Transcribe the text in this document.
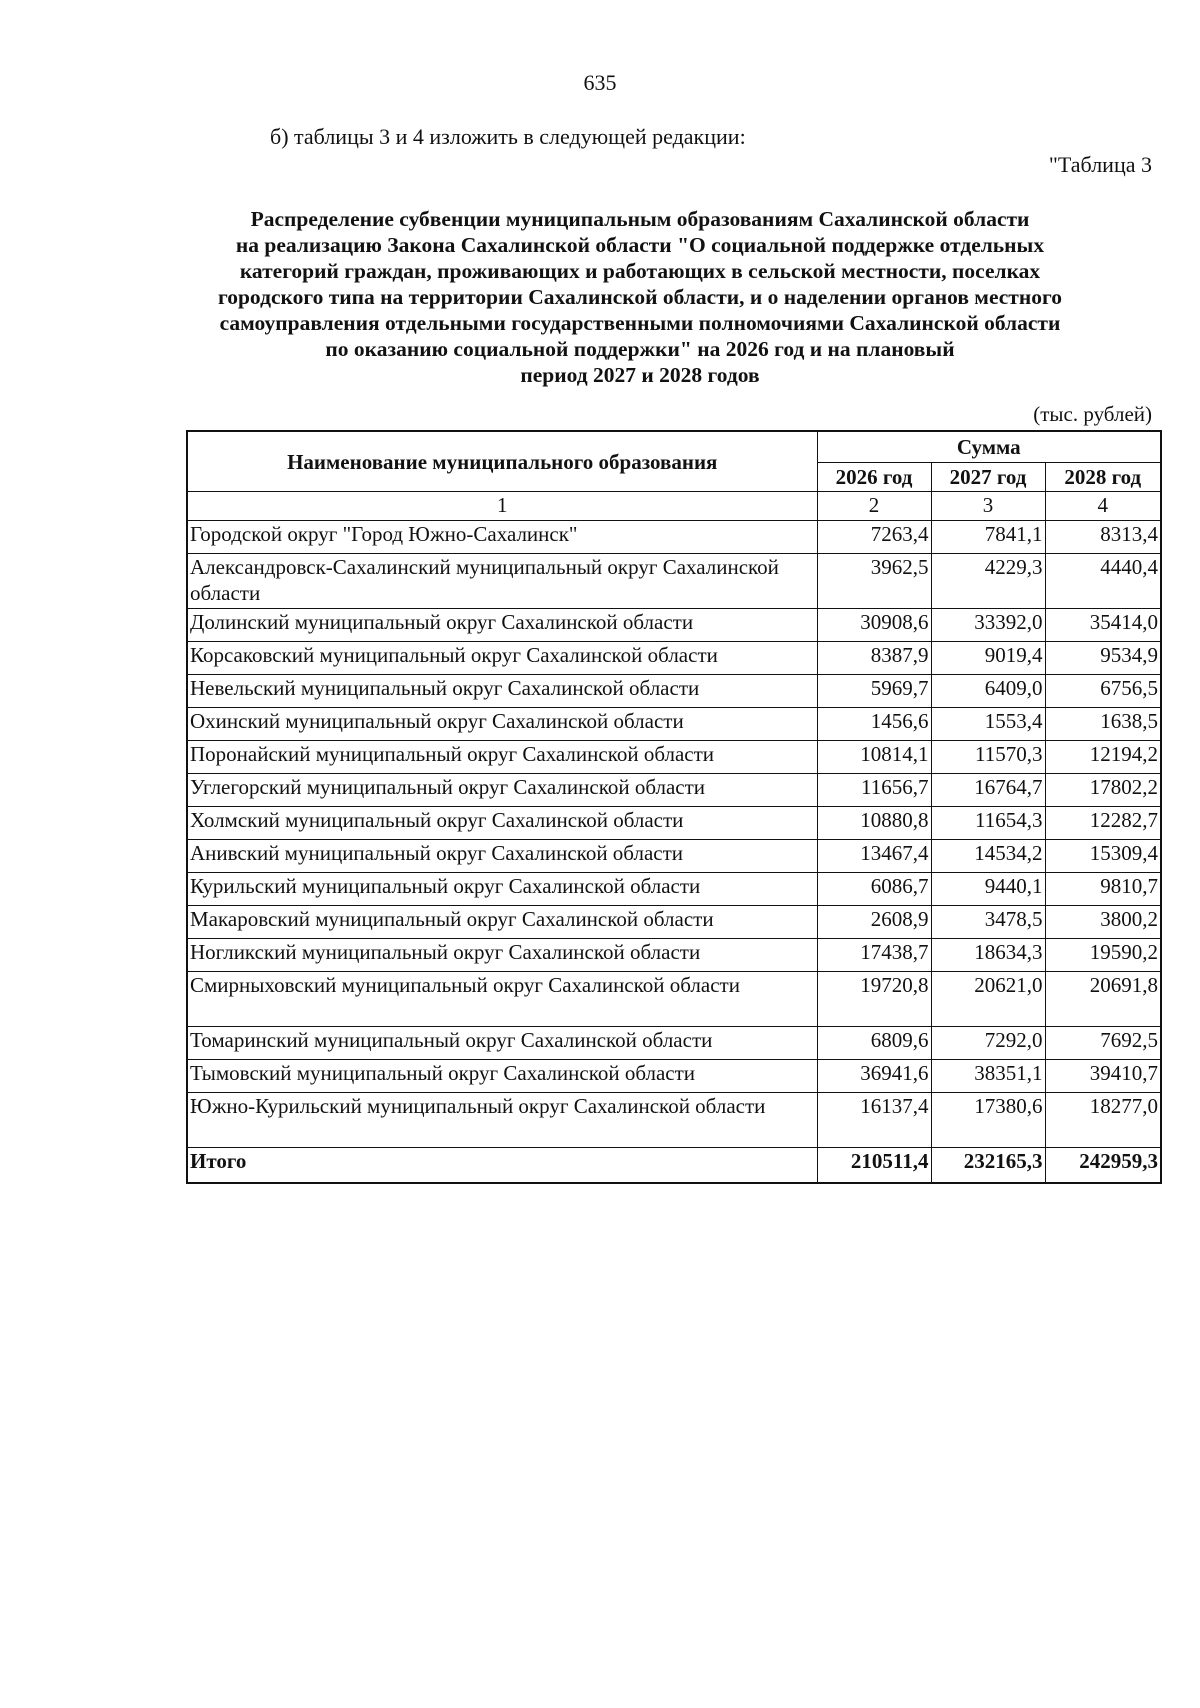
635
б) таблицы 3 и 4 изложить в следующей редакции:
"Таблица 3
Распределение субвенции муниципальным образованиям Сахалинской области
на реализацию Закона Сахалинской области "О социальной поддержке отдельных
категорий граждан, проживающих и работающих в сельской местности, поселках
городского типа на территории Сахалинской области, и о наделении органов местного
самоуправления отдельными государственными полномочиями Сахалинской области
по оказанию социальной поддержки" на 2026 год и на плановый
период 2027 и 2028 годов
(тыс. рублей)
Наименование муниципального образования	Сумма		
	2026 год	2027 год	2028 год
1	2	3	4
Городской округ "Город Южно-Сахалинск"	7263,4	7841,1	8313,4
Александровск-Сахалинский муниципальный округ Сахалинской области	3962,5	4229,3	4440,4
Долинский муниципальный округ Сахалинской области	30908,6	33392,0	35414,0
Корсаковский муниципальный округ Сахалинской области	8387,9	9019,4	9534,9
Невельский муниципальный округ Сахалинской области	5969,7	6409,0	6756,5
Охинский муниципальный округ Сахалинской области	1456,6	1553,4	1638,5
Поронайский муниципальный округ Сахалинской области	10814,1	11570,3	12194,2
Углегорский муниципальный округ Сахалинской области	11656,7	16764,7	17802,2
Холмский муниципальный округ Сахалинской области	10880,8	11654,3	12282,7
Анивский муниципальный округ Сахалинской области	13467,4	14534,2	15309,4
Курильский муниципальный округ Сахалинской области	6086,7	9440,1	9810,7
Макаровский муниципальный округ Сахалинской области	2608,9	3478,5	3800,2
Ногликский муниципальный округ Сахалинской области	17438,7	18634,3	19590,2
Смирныховский муниципальный округ Сахалинской области	19720,8	20621,0	20691,8
Томаринский муниципальный округ Сахалинской области	6809,6	7292,0	7692,5
Тымовский муниципальный округ Сахалинской области	36941,6	38351,1	39410,7
Южно-Курильский муниципальный округ Сахалинской области	16137,4	17380,6	18277,0
Итого	210511,4	232165,3	242959,3
